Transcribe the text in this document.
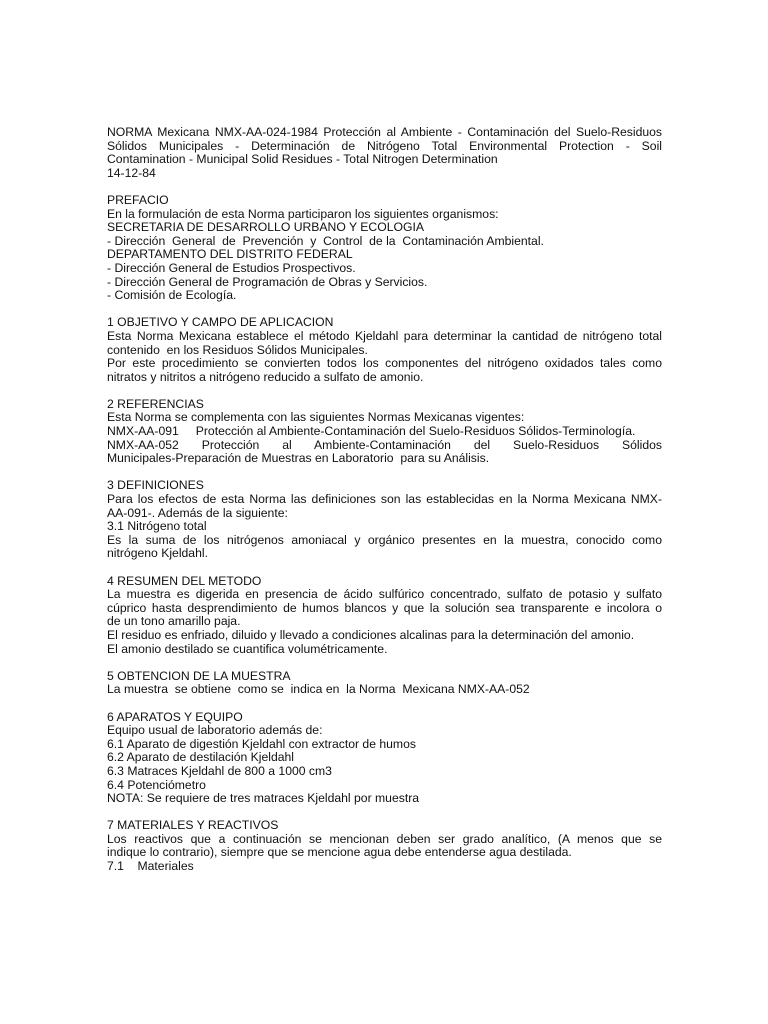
NORMA Mexicana NMX-AA-024-1984 Protección al Ambiente - Contaminación del Suelo-Residuos
Sólidos Municipales - Determinación de Nitrógeno Total Environmental Protection - Soil
Contamination - Municipal Solid Residues - Total Nitrogen Determination
14-12-84
PREFACIO
En la formulación de esta Norma participaron los siguientes organismos:
SECRETARIA DE DESARROLLO URBANO Y ECOLOGIA
- Dirección  General  de  Prevención  y  Control  de la  Contaminación Ambiental.
DEPARTAMENTO DEL DISTRITO FEDERAL
- Dirección General de Estudios Prospectivos.
- Dirección General de Programación de Obras y Servicios.
- Comisión de Ecología.
1 OBJETIVO Y CAMPO DE APLICACION
Esta Norma Mexicana establece el método Kjeldahl para determinar la cantidad de nitrógeno total
contenido  en los Residuos Sólidos Municipales.
Por este procedimiento se convierten todos los componentes del nitrógeno oxidados tales como
nitratos y nitritos a nitrógeno reducido a sulfato de amonio.
2 REFERENCIAS
Esta Norma se complementa con las siguientes Normas Mexicanas vigentes:
NMX-AA-091     Protección al Ambiente-Contaminación del Suelo-Residuos Sólidos-Terminología.
NMX-AA-052 Protección al Ambiente-Contaminación del Suelo-Residuos Sólidos
Municipales-Preparación de Muestras en Laboratorio  para su Análisis.
3 DEFINICIONES
Para los efectos de esta Norma las definiciones son las establecidas en la Norma Mexicana NMX-
AA-091-. Además de la siguiente:
3.1 Nitrógeno total
Es la suma de los nitrógenos amoniacal y orgánico presentes en la muestra, conocido como
nitrógeno Kjeldahl.
4 RESUMEN DEL METODO
La muestra es digerida en presencia de ácido sulfúrico concentrado, sulfato de potasio y sulfato
cúprico hasta desprendimiento de humos blancos y que la solución sea transparente e incolora o
de un tono amarillo paja.
El residuo es enfriado, diluido y llevado a condiciones alcalinas para la determinación del amonio.
El amonio destilado se cuantifica volumétricamente.
5 OBTENCION DE LA MUESTRA
La muestra  se obtiene  como se  indica en  la Norma  Mexicana NMX-AA-052
6 APARATOS Y EQUIPO
Equipo usual de laboratorio además de:
6.1 Aparato de digestión Kjeldahl con extractor de humos
6.2 Aparato de destilación Kjeldahl
6.3 Matraces Kjeldahl de 800 a 1000 cm3
6.4 Potenciómetro
NOTA: Se requiere de tres matraces Kjeldahl por muestra
7 MATERIALES Y REACTIVOS
Los reactivos que a continuación se mencionan deben ser grado analítico, (A menos que se
indique lo contrario), siempre que se mencione agua debe entenderse agua destilada.
7.1    Materiales
